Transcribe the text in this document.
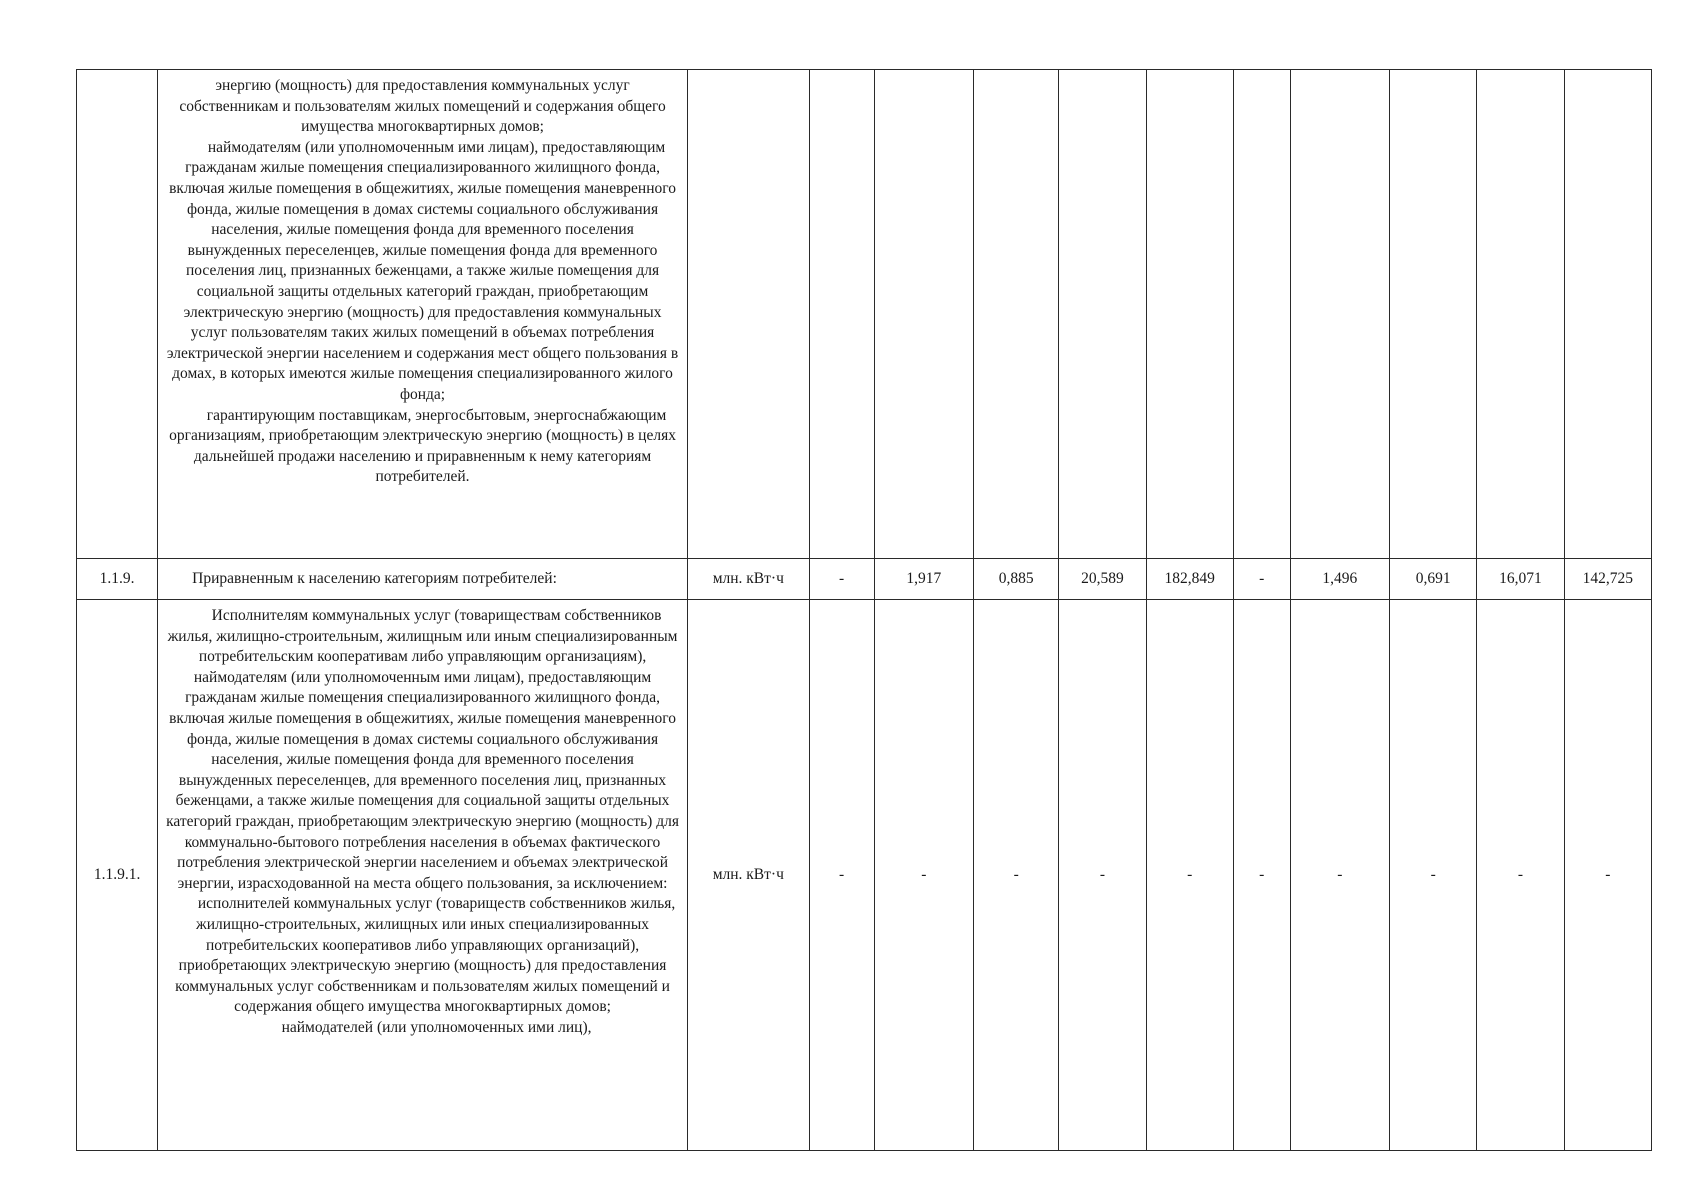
	энергию (мощность) для предоставления коммунальных услуг собственникам и пользователям жилых помещений и содержания общего имущества многоквартирных домов;

наймодателям (или уполномоченным ими лицам), предоставляющим гражданам жилые помещения специализированного жилищного фонда, включая жилые помещения в общежитиях, жилые помещения маневренного фонда, жилые помещения в домах системы социального обслуживания населения, жилые помещения фонда для временного поселения вынужденных переселенцев, жилые помещения фонда для временного поселения лиц, признанных беженцами, а также жилые помещения для социальной защиты отдельных категорий граждан, приобретающим электрическую энергию (мощность) для предоставления коммунальных услуг пользователям таких жилых помещений в объемах потребления электрической энергии населением и содержания мест общего пользования в домах, в которых имеются жилые помещения специализированного жилого фонда;

гарантирующим поставщикам, энергосбытовым, энергоснабжающим организациям, приобретающим электрическую энергию (мощность) в целях дальнейшей продажи населению и приравненным к нему категориям потребителей.											

1.1.9.	Приравненным к населению категориям потребителей:	млн. кВт·ч	-	1,917	0,885	20,589	182,849	-	1,496	0,691	16,071	142,725
1.1.9.1.	Исполнителям коммунальных услуг (товариществам собственников жилья, жилищно-строительным, жилищным или иным специализированным потребительским кооперативам либо управляющим организациям), наймодателям (или уполномоченным ими лицам), предоставляющим гражданам жилые помещения специализированного жилищного фонда, включая жилые помещения в общежитиях, жилые помещения маневренного фонда, жилые помещения в домах системы социального обслуживания населения, жилые помещения фонда для временного поселения вынужденных переселенцев, для временного поселения лиц, признанных беженцами, а также жилые помещения для социальной защиты отдельных категорий граждан, приобретающим электрическую энергию (мощность) для коммунально-бытового потребления населения в объемах фактического потребления электрической энергии населением и объемах электрической энергии, израсходованной на места общего пользования, за исключением:

исполнителей коммунальных услуг (товариществ собственников жилья, жилищно-строительных, жилищных или иных специализированных потребительских кооперативов либо управляющих организаций), приобретающих электрическую энергию (мощность) для предоставления коммунальных услуг собственникам и пользователям жилых помещений и содержания общего имущества многоквартирных домов;

наймодателей (или уполномоченных ими лиц),	млн. кВт·ч	-	-	-	-	-	-	-	-	-	-
